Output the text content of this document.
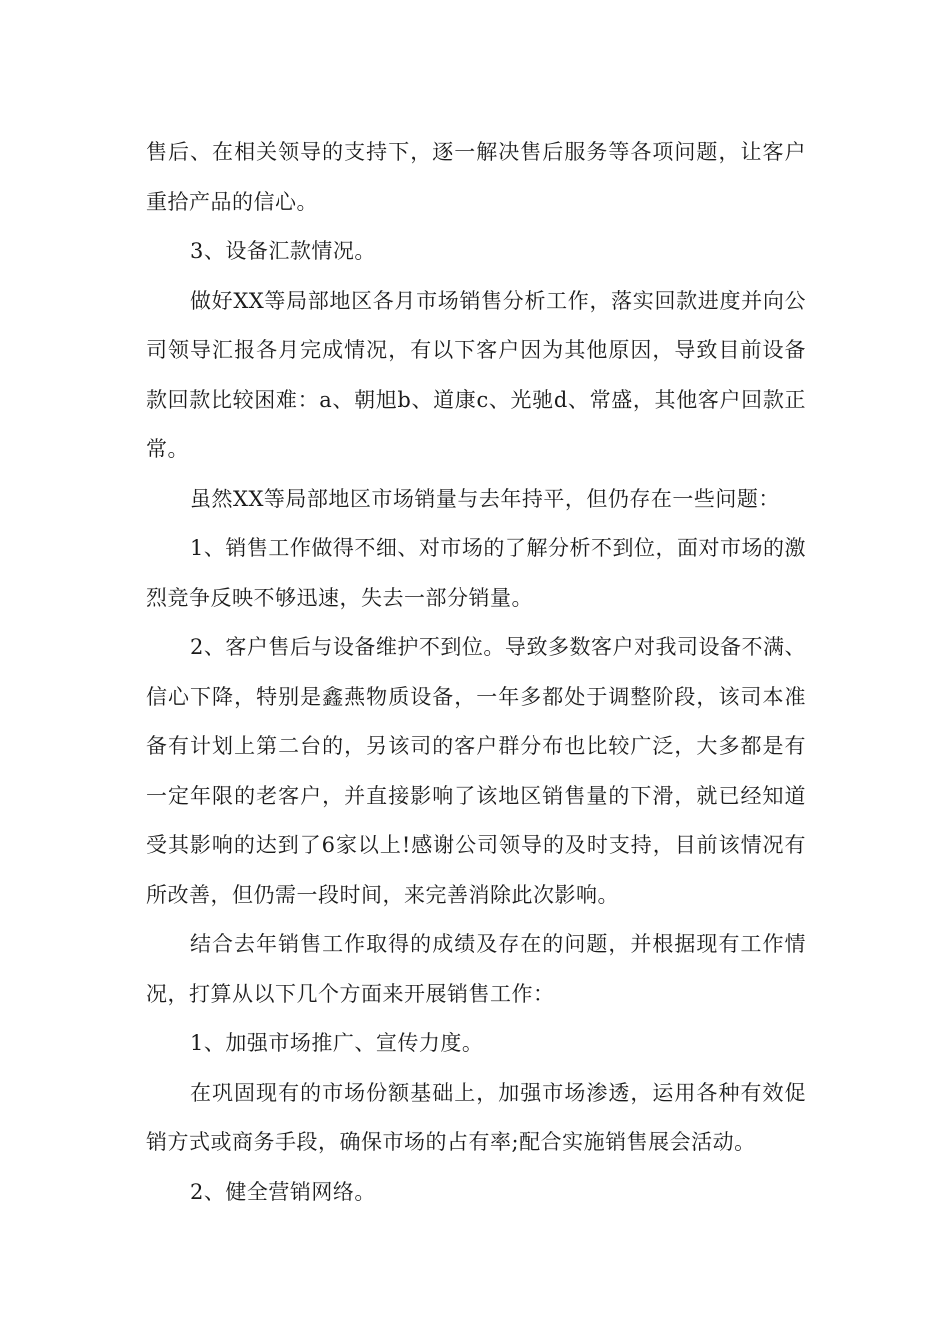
售后、在相关领导的支持下，逐一解决售后服务等各项问题，让客户重拾产品的信心。

3、设备汇款情况。

做好XX等局部地区各月市场销售分析工作，落实回款进度并向公司领导汇报各月完成情况，有以下客户因为其他原因，导致目前设备款回款比较困难：a、朝旭b、道康c、光驰d、常盛，其他客户回款正常。

虽然XX等局部地区市场销量与去年持平，但仍存在一些问题：

1、销售工作做得不细、对市场的了解分析不到位，面对市场的激烈竞争反映不够迅速，失去一部分销量。

2、客户售后与设备维护不到位。导致多数客户对我司设备不满、信心下降，特别是鑫燕物质设备，一年多都处于调整阶段，该司本准备有计划上第二台的，另该司的客户群分布也比较广泛，大多都是有一定年限的老客户，并直接影响了该地区销售量的下滑，就已经知道受其影响的达到了6家以上!感谢公司领导的及时支持，目前该情况有所改善，但仍需一段时间，来完善消除此次影响。

结合去年销售工作取得的成绩及存在的问题，并根据现有工作情况，打算从以下几个方面来开展销售工作：

1、加强市场推广、宣传力度。

在巩固现有的市场份额基础上，加强市场渗透，运用各种有效促销方式或商务手段，确保市场的占有率;配合实施销售展会活动。

2、健全营销网络。
